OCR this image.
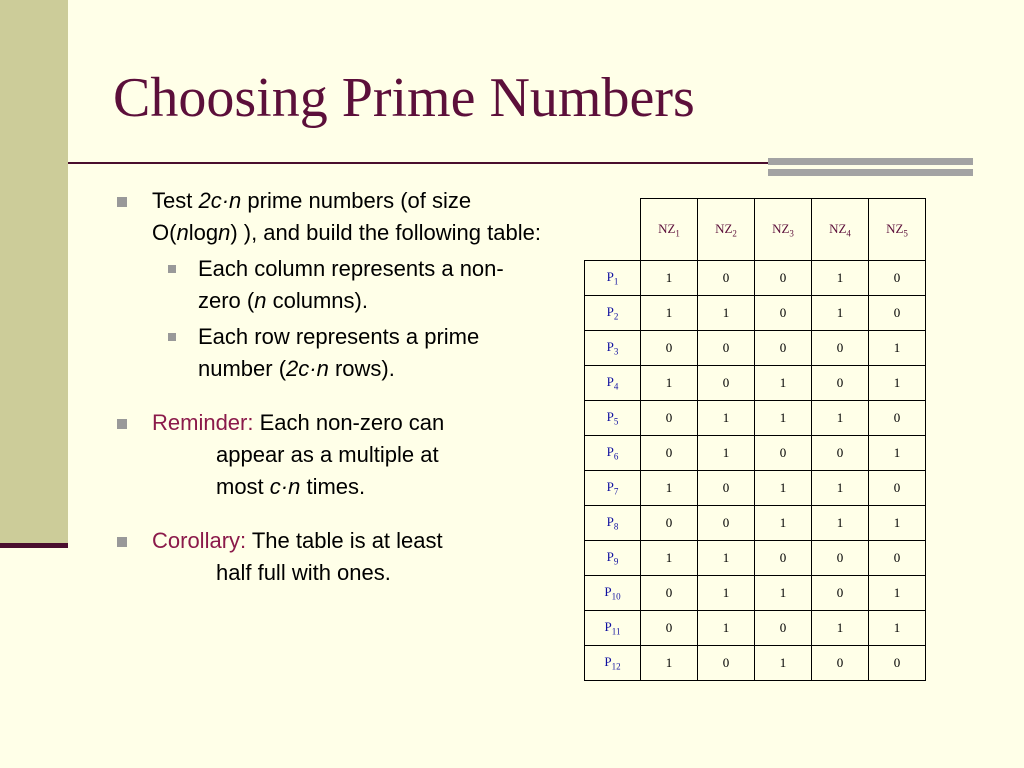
Choosing Prime Numbers
Test 2c·n prime numbers (of size O(nlogn) ), and build the following table:
Each column represents a non-zero (n columns).
Each row represents a prime number (2c·n rows).
Reminder: Each non-zero can
appear as a multiple at
most c·n times.
Corollary: The table is at least
half full with ones.
	$NZ_1$	$NZ_2$	$NZ_3$	$NZ_4$	$NZ_5$
$P_1$	1	0	0	1	0
$P_2$	1	1	0	1	0
$P_3$	0	0	0	0	1
$P_4$	1	0	1	0	1
$P_5$	0	1	1	1	0
$P_6$	0	1	0	0	1
$P_7$	1	0	1	1	0
$P_8$	0	0	1	1	1
$P_9$	1	1	0	0	0
$P_{10}$	0	1	1	0	1
$P_{11}$	0	1	0	1	1
$P_{12}$	1	0	1	0	0
